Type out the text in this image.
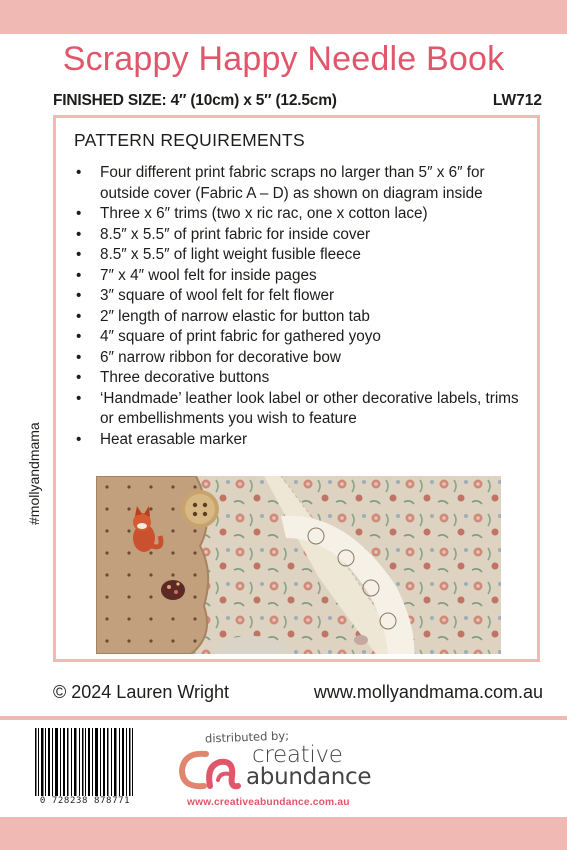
Scrappy Happy Needle Book
FINISHED SIZE: 4″ (10cm) x 5″ (12.5cm)	LW712
PATTERN REQUIREMENTS
• Four different print fabric scraps no larger than 5″ x 6″ for outside cover (Fabric A – D) as shown on diagram inside
• Three x 6″ trims (two x ric rac, one x cotton lace)
• 8.5″ x 5.5″ of print fabric for inside cover
• 8.5″ x 5.5″ of light weight fusible fleece
• 7″ x 4″ wool felt for inside pages
• 3″ square of wool felt for felt flower
• 2″ length of narrow elastic for button tab
• 4″ square of print fabric for gathered yoyo
• 6″ narrow ribbon for decorative bow
• Three decorative buttons
• ‘Handmade’ leather look label or other decorative labels, trims or embellishments you wish to feature
• Heat erasable marker
#mollyandmama
© 2024 Lauren Wright	www.mollyandmama.com.au
0 728238 878771
distributed by;
creative
abundance
www.creativeabundance.com.au
